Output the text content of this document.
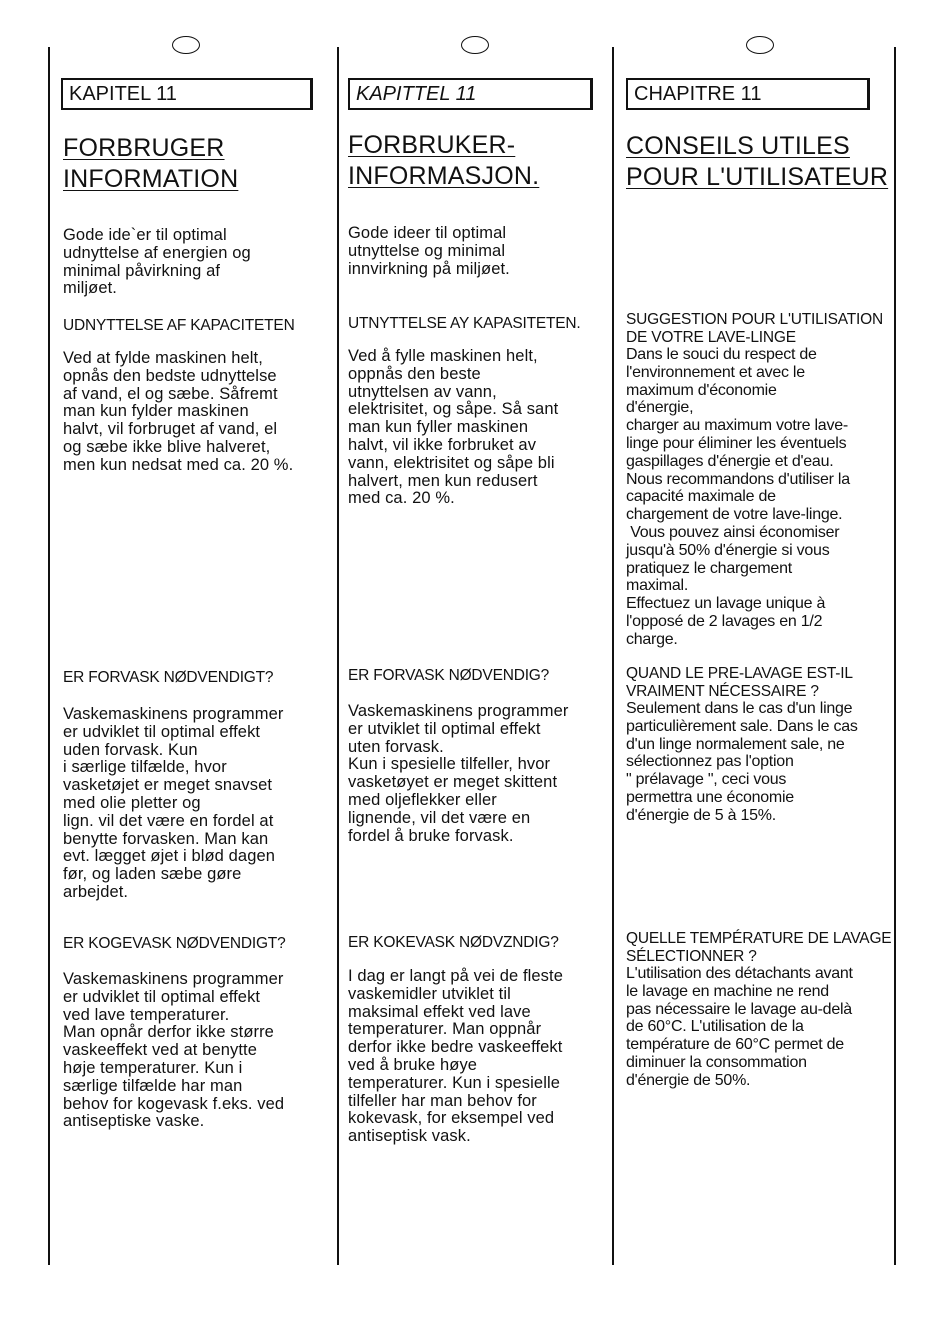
KAPITEL 11
FORBRUGER
INFORMATION
Gode ide`er til optimal
udnyttelse af energien og
minimal påvirkning af
miljøet.
UDNYTTELSE AF KAPACITETEN
Ved at fylde maskinen helt,
opnås den bedste udnyttelse
af vand, el og sæbe. Såfremt
man kun fylder maskinen
halvt, vil forbruget af vand, el
og sæbe ikke blive halveret,
men kun nedsat med ca. 20 %.
ER FORVASK NØDVENDIGT?
Vaskemaskinens programmer
er udviklet til optimal effekt
uden forvask. Kun
i særlige tilfælde, hvor
vasketøjet er meget snavset
med olie pletter og
lign. vil det være en fordel at
benytte forvasken. Man kan
evt. lægget øjet i blød dagen
før, og laden sæbe gøre
arbejdet.
ER KOGEVASK NØDVENDIGT?
Vaskemaskinens programmer
er udviklet til optimal effekt
ved lave temperaturer.
Man opnår derfor ikke større
vaskeeffekt ved at benytte
høje temperaturer. Kun i
særlige tilfælde har man
behov for kogevask f.eks. ved
antiseptiske vaske.
KAPITTEL 11
FORBRUKER-
INFORMASJON.
Gode ideer til optimal
utnyttelse og minimal
innvirkning på miljøet.
UTNYTTELSE AY KAPASITETEN.
Ved å fylle maskinen helt,
oppnås den beste
utnyttelsen av vann,
elektrisitet, og såpe. Så sant
man kun fyller maskinen
halvt, vil ikke forbruket av
vann, elektrisitet og såpe bli
halvert, men kun redusert
med ca. 20 %.
ER FORVASK NØDVENDIG?
Vaskemaskinens programmer
er utviklet til optimal effekt
uten forvask.
Kun i spesielle tilfeller, hvor
vasketøyet er meget skittent
med oljeflekker eller
lignende, vil det være en
fordel å bruke forvask.
ER KOKEVASK NØDVZNDIG?
I dag er langt på vei de fleste
vaskemidler utviklet til
maksimal effekt ved lave
temperaturer. Man oppnår
derfor ikke bedre vaskeeffekt
ved å bruke høye
temperaturer. Kun i spesielle
tilfeller har man behov for
kokevask, for eksempel ved
antiseptisk vask.
CHAPITRE 11
CONSEILS UTILES
POUR L'UTILISATEUR
SUGGESTION POUR L'UTILISATION
DE VOTRE LAVE-LINGE
Dans le souci du respect de
l'environnement et avec le
maximum d'économie
d'énergie,
charger au maximum votre lave-
linge pour éliminer les éventuels
gaspillages d'énergie et d'eau.
Nous recommandons d'utiliser la
capacité maximale de
chargement de votre lave-linge.
Vous pouvez ainsi économiser
jusqu'à 50% d'énergie si vous
pratiquez le chargement
maximal.
Effectuez un lavage unique à
l'opposé de 2 lavages en 1/2
charge.
QUAND LE PRE-LAVAGE EST-IL
VRAIMENT NÉCESSAIRE ?
Seulement dans le cas d'un linge
particulièrement sale. Dans le cas
d'un linge normalement sale, ne
sélectionnez pas l'option
" prélavage ", ceci vous
permettra une économie
d'énergie de 5 à 15%.
QUELLE TEMPÉRATURE DE LAVAGE
SÉLECTIONNER ?
L'utilisation des détachants avant
le lavage en machine ne rend
pas nécessaire le lavage au-delà
de 60°C. L'utilisation de la
température de 60°C permet de
diminuer la consommation
d'énergie de 50%.
